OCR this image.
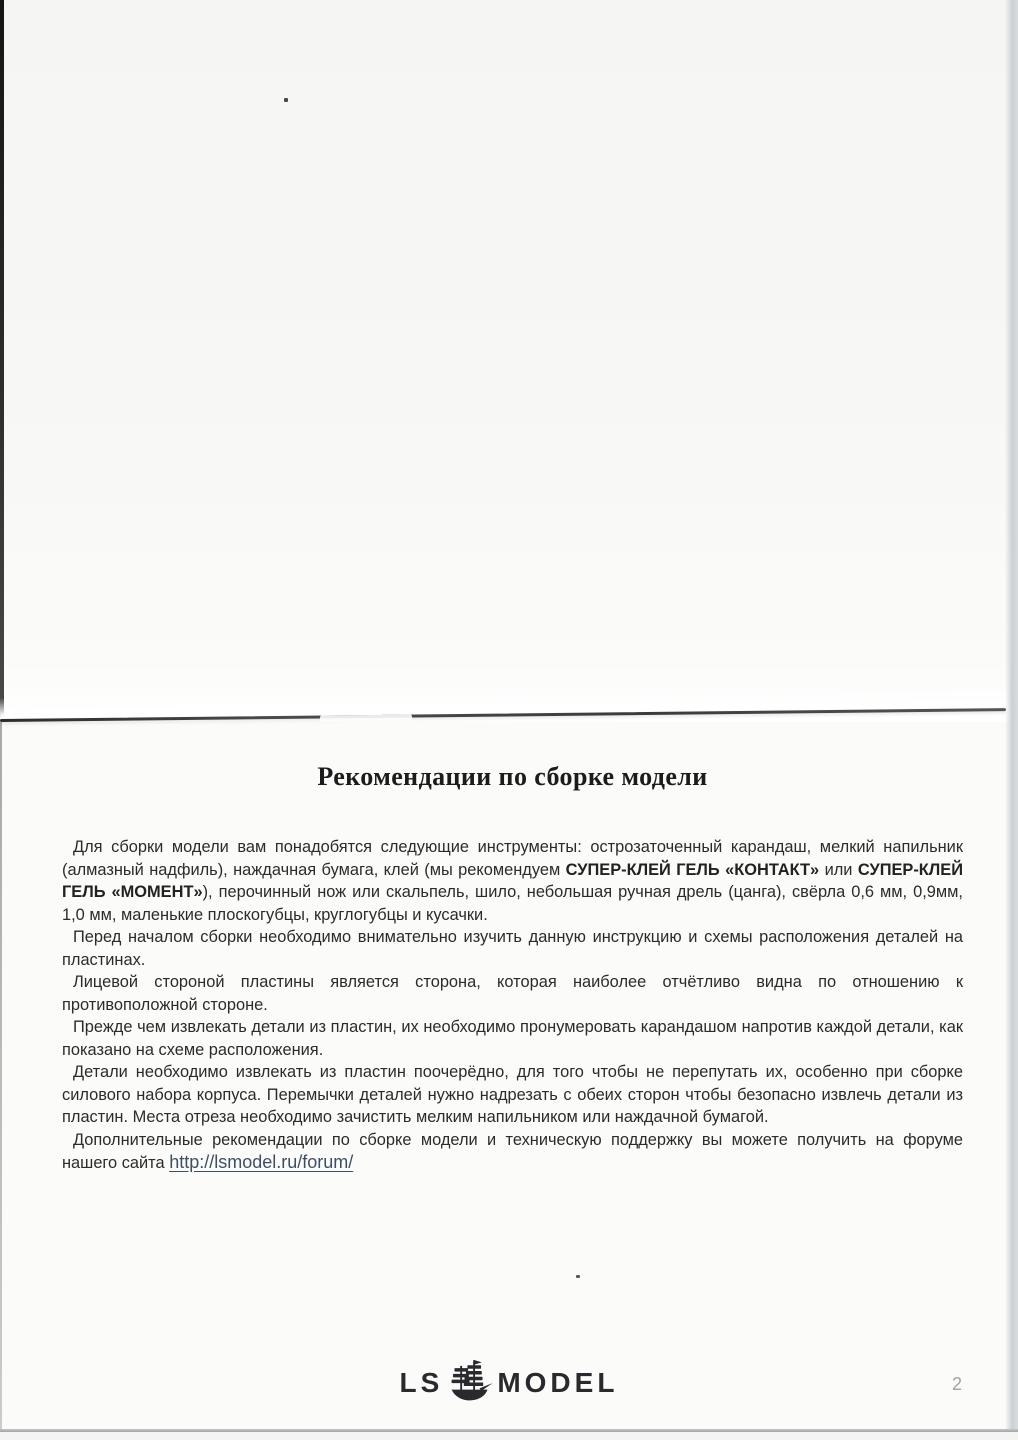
Рекомендации по сборке модели
Для сборки модели вам понадобятся следующие инструменты: острозаточенный карандаш, мелкий напильник (алмазный надфиль), наждачная бумага, клей (мы рекомендуем СУПЕР-КЛЕЙ ГЕЛЬ «КОНТАКТ» или СУПЕР-КЛЕЙ ГЕЛЬ «МОМЕНТ»), перочинный нож или скальпель, шило, небольшая ручная дрель (цанга), свёрла 0,6 мм, 0,9мм, 1,0 мм, маленькие плоскогубцы, круглогубцы и кусачки.
Перед началом сборки необходимо внимательно изучить данную инструкцию и схемы расположения деталей на пластинах.
Лицевой стороной пластины является сторона, которая наиболее отчётливо видна по отношению к противоположной стороне.
Прежде чем извлекать детали из пластин, их необходимо пронумеровать карандашом напротив каждой детали, как показано на схеме расположения.
Детали необходимо извлекать из пластин поочерёдно, для того чтобы не перепутать их, особенно при сборке силового набора корпуса. Перемычки деталей нужно надрезать с обеих сторон чтобы безопасно извлечь детали из пластин. Места отреза необходимо зачистить мелким напильником или наждачной бумагой.
Дополнительные рекомендации по сборке модели и техническую поддержку вы можете получить на форуме нашего сайта http://lsmodel.ru/forum/
LS MODEL	2
